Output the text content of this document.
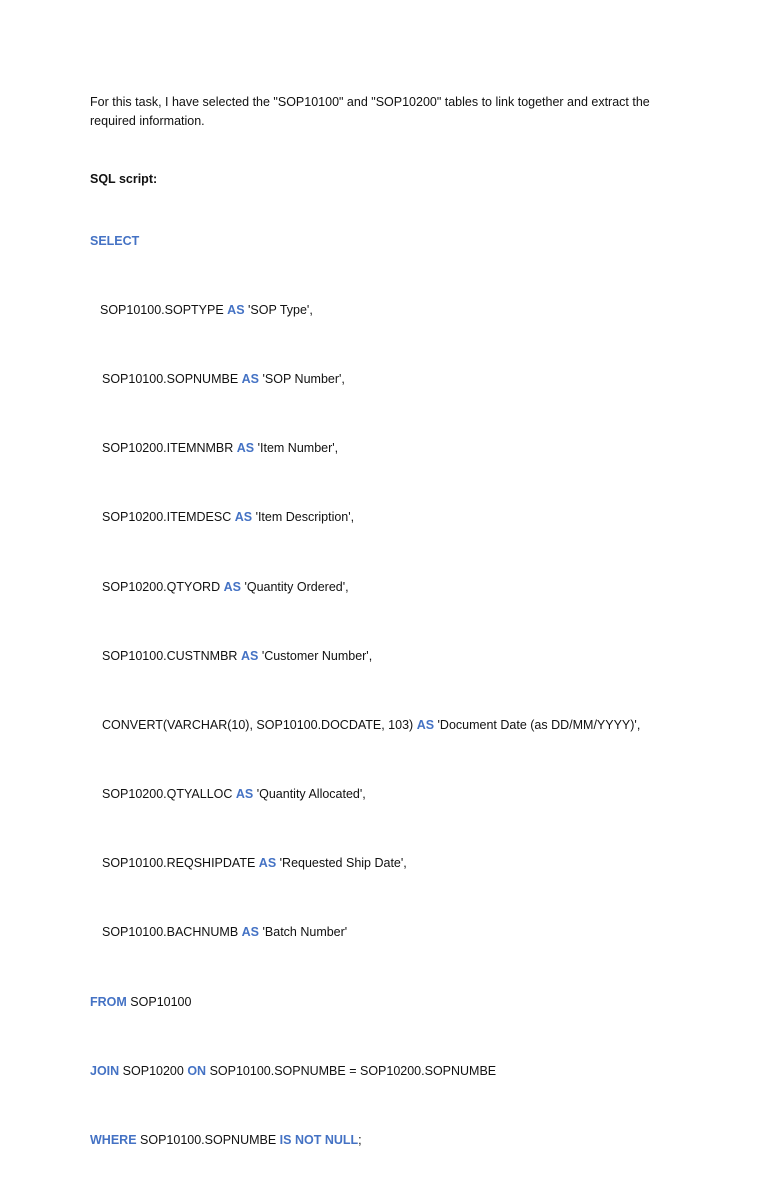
For this task, I have selected the "SOP10100" and "SOP10200" tables to link together and extract the required information.

SQL script:

SELECT

SOP10100.SOPTYPE AS 'SOP Type',

SOP10100.SOPNUMBE AS 'SOP Number',

SOP10200.ITEMNMBR AS 'Item Number',

SOP10200.ITEMDESC AS 'Item Description',

SOP10200.QTYORD AS 'Quantity Ordered',

SOP10100.CUSTNMBR AS 'Customer Number',

CONVERT(VARCHAR(10), SOP10100.DOCDATE, 103) AS 'Document Date (as DD/MM/YYYY)',

SOP10200.QTYALLOC AS 'Quantity Allocated',

SOP10100.REQSHIPDATE AS 'Requested Ship Date',

SOP10100.BACHNUMB AS 'Batch Number'

FROM SOP10100

JOIN SOP10200 ON SOP10100.SOPNUMBE = SOP10200.SOPNUMBE

WHERE SOP10100.SOPNUMBE IS NOT NULL;
